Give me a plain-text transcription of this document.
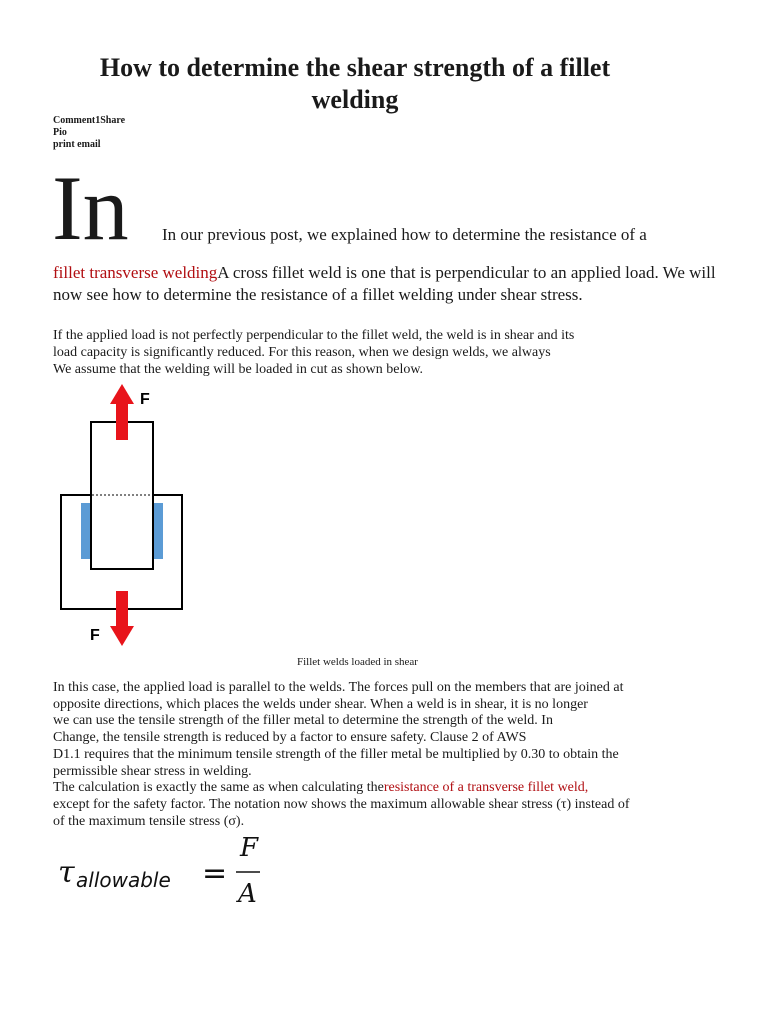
How to determine the shear strength of a fillet welding
Comment1Share
Pio
print email
In In our previous post, we explained how to determine the resistance of a
fillet transverse weldingA cross fillet weld is one that is perpendicular to an applied load. We will now see how to determine the resistance of a fillet welding under shear stress.
If the applied load is not perfectly perpendicular to the fillet weld, the weld is in shear and its
load capacity is significantly reduced. For this reason, when we design welds, we always
We assume that the welding will be loaded in cut as shown below.
F
F
Fillet welds loaded in shear
In this case, the applied load is parallel to the welds. The forces pull on the members that are joined at
opposite directions, which places the welds under shear. When a weld is in shear, it is no longer
we can use the tensile strength of the filler metal to determine the strength of the weld. In
Change, the tensile strength is reduced by a factor to ensure safety. Clause 2 of AWS
D1.1 requires that the minimum tensile strength of the filler metal be multiplied by 0.30 to obtain the
permissible shear stress in welding.
The calculation is exactly the same as when calculating theresistance of a transverse fillet weld,
except for the safety factor. The notation now shows the maximum allowable shear stress (τ) instead of
of the maximum tensile stress (σ).
τ allowable =
F
A
